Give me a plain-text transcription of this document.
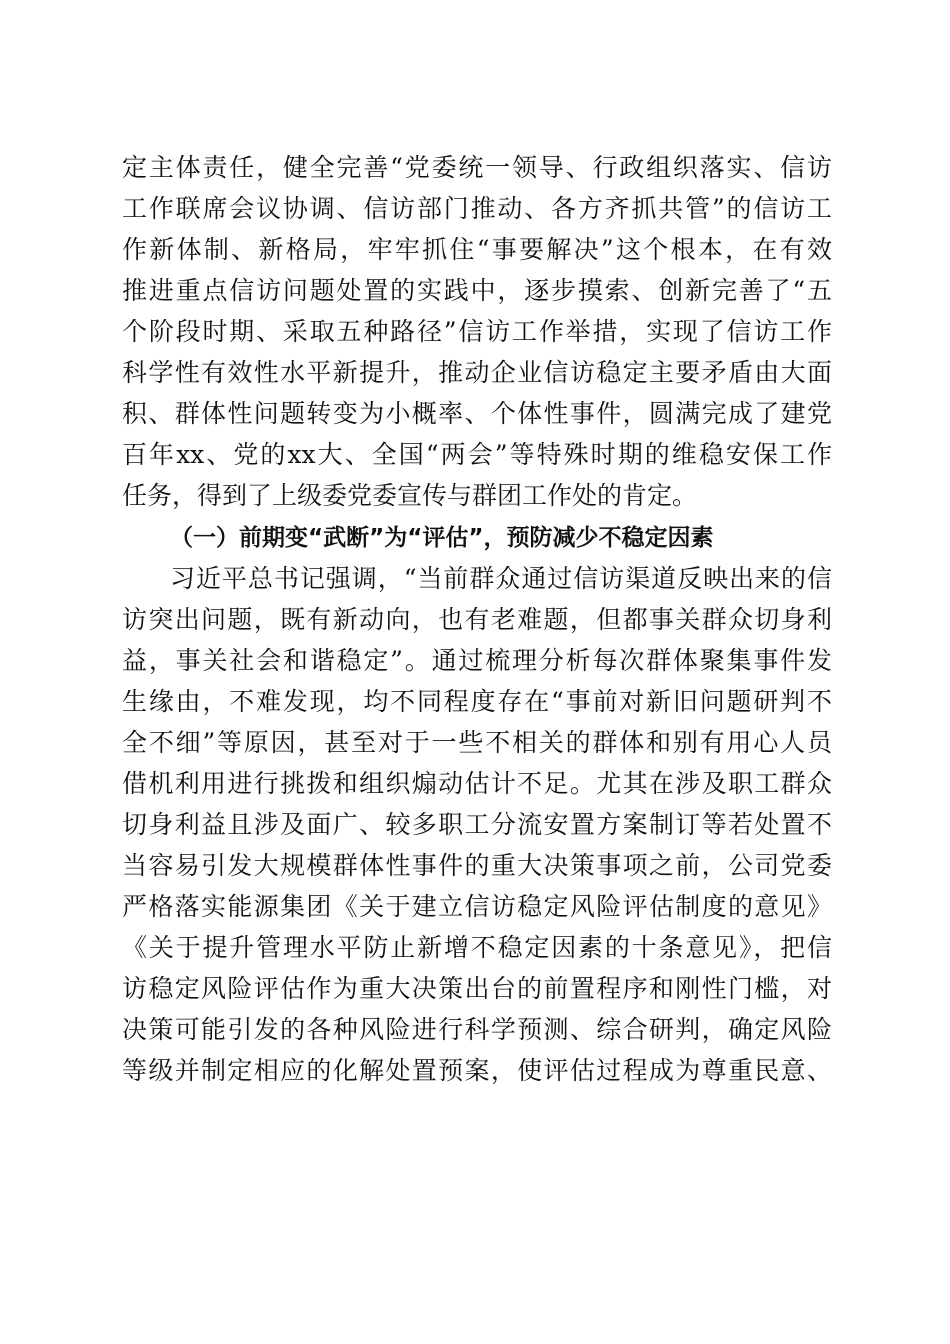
定主体责任，健全完善“党委统一领导、行政组织落实、信访
工作联席会议协调、信访部门推动、各方齐抓共管”的信访工
作新体制、新格局，牢牢抓住“事要解决”这个根本，在有效
推进重点信访问题处置的实践中，逐步摸索、创新完善了“五
个阶段时期、采取五种路径”信访工作举措，实现了信访工作
科学性有效性水平新提升，推动企业信访稳定主要矛盾由大面
积、群体性问题转变为小概率、个体性事件，圆满完成了建党
百年xx、党的xx大、全国“两会”等特殊时期的维稳安保工作
任务，得到了上级委党委宣传与群团工作处的肯定。
（一）前期变“武断”为“评估”，预防减少不稳定因素
习近平总书记强调，“当前群众通过信访渠道反映出来的信
访突出问题，既有新动向，也有老难题，但都事关群众切身利
益，事关社会和谐稳定”。通过梳理分析每次群体聚集事件发
生缘由，不难发现，均不同程度存在“事前对新旧问题研判不
全不细”等原因，甚至对于一些不相关的群体和别有用心人员
借机利用进行挑拨和组织煽动估计不足。尤其在涉及职工群众
切身利益且涉及面广、较多职工分流安置方案制订等若处置不
当容易引发大规模群体性事件的重大决策事项之前，公司党委
严格落实能源集团《关于建立信访稳定风险评估制度的意见》
《关于提升管理水平防止新增不稳定因素的十条意见》，把信
访稳定风险评估作为重大决策出台的前置程序和刚性门槛，对
决策可能引发的各种风险进行科学预测、综合研判，确定风险
等级并制定相应的化解处置预案，使评估过程成为尊重民意、
